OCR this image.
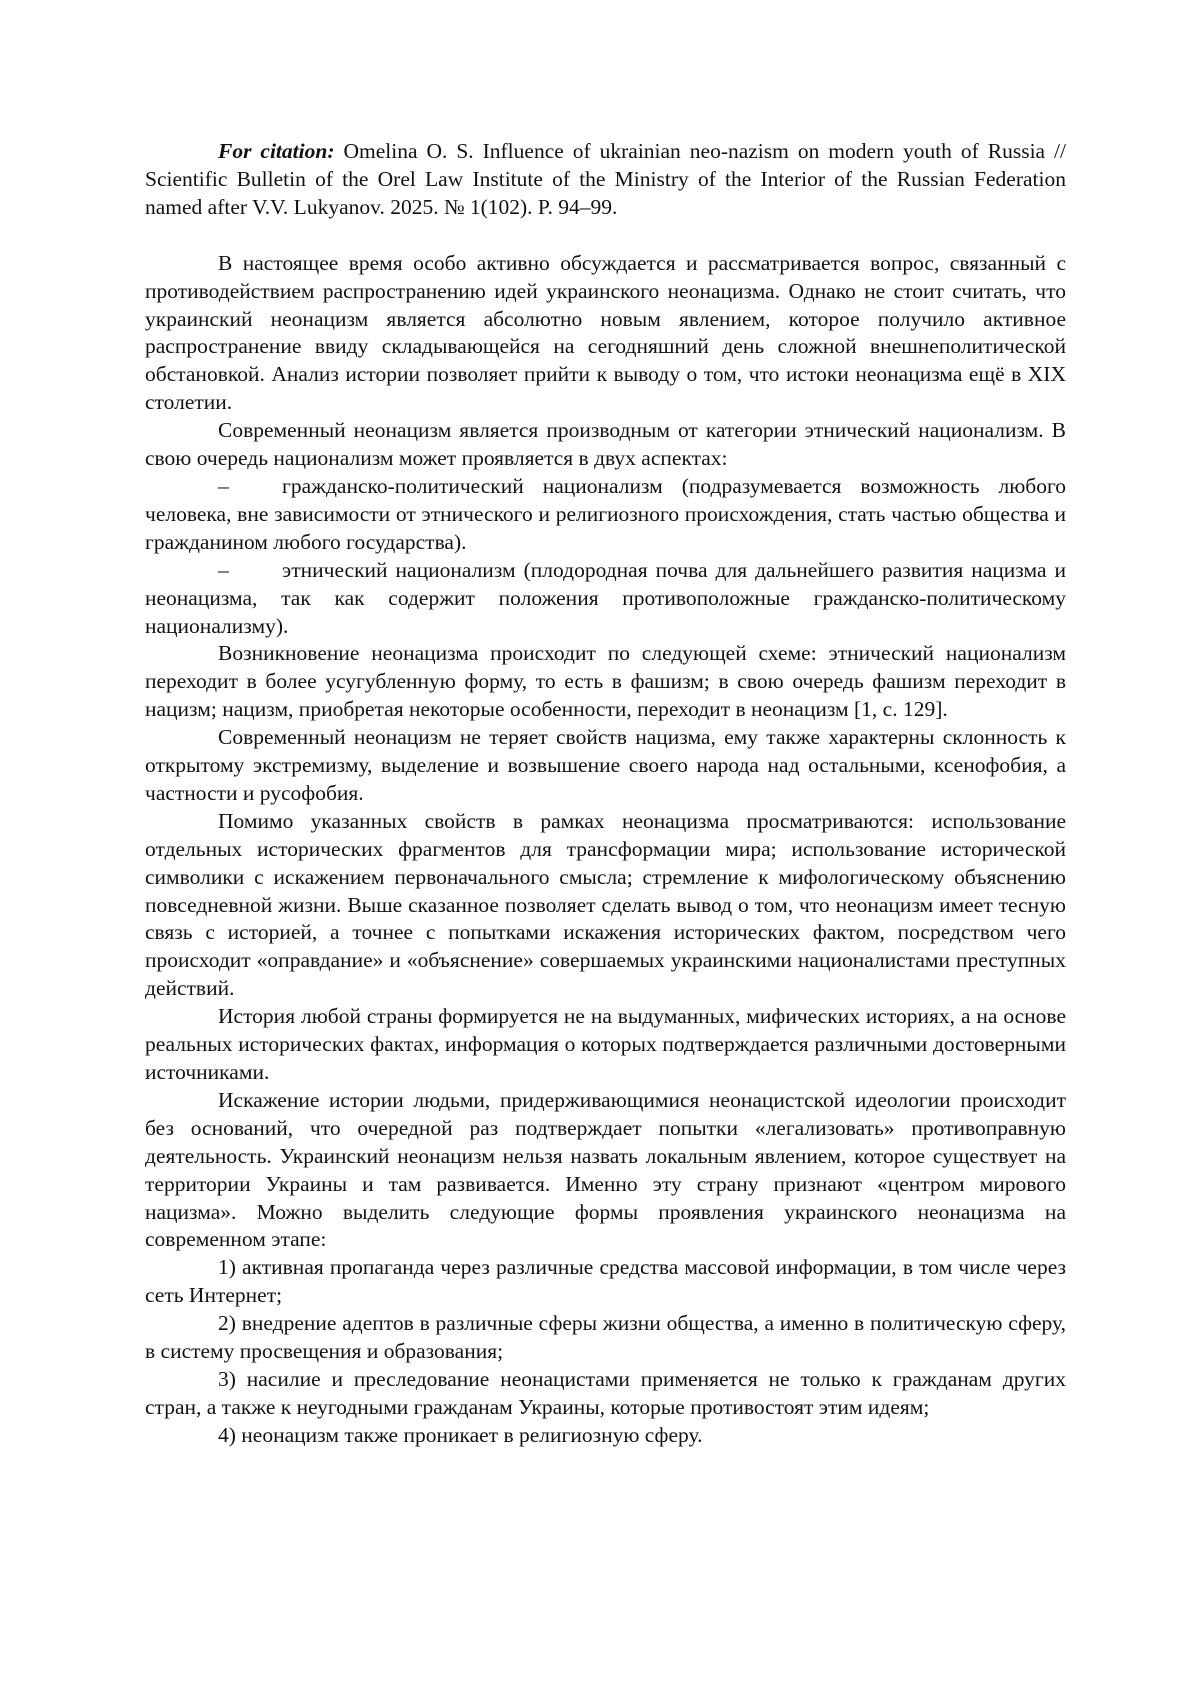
For citation: Omelina O. S. Influence of ukrainian neo-nazism on modern youth of Russia // Scientific Bulletin of the Orel Law Institute of the Ministry of the Interior of the Russian Federation named after V.V. Lukyanov. 2025. № 1(102). P. 94–99.

В настоящее время особо активно обсуждается и рассматривается вопрос, связанный с противодействием распространению идей украинского неонацизма. Однако не стоит считать, что украинский неонацизм является абсолютно новым явлением, которое получило активное распространение ввиду складывающейся на сегодняшний день сложной внешнеполитической обстановкой. Анализ истории позволяет прийти к выводу о том, что истоки неонацизма ещё в XIX столетии.

Современный неонацизм является производным от категории этнический национализм. В свою очередь национализм может проявляется в двух аспектах:

– гражданско-политический национализм (подразумевается возможность любого человека, вне зависимости от этнического и религиозного происхождения, стать частью общества и гражданином любого государства).

– этнический национализм (плодородная почва для дальнейшего развития нацизма и неонацизма, так как содержит положения противоположные гражданско-политическому национализму).

Возникновение неонацизма происходит по следующей схеме: этнический национализм переходит в более усугубленную форму, то есть в фашизм; в свою очередь фашизм переходит в нацизм; нацизм, приобретая некоторые особенности, переходит в неонацизм [1, с. 129].

Современный неонацизм не теряет свойств нацизма, ему также характерны склонность к открытому экстремизму, выделение и возвышение своего народа над остальными, ксенофобия, а частности и русофобия.

Помимо указанных свойств в рамках неонацизма просматриваются: использование отдельных исторических фрагментов для трансформации мира; использование исторической символики с искажением первоначального смысла; стремление к мифологическому объяснению повседневной жизни. Выше сказанное позволяет сделать вывод о том, что неонацизм имеет тесную связь с историей, а точнее с попытками искажения исторических фактом, посредством чего происходит «оправдание» и «объяснение» совершаемых украинскими националистами преступных действий.

История любой страны формируется не на выдуманных, мифических историях, а на основе реальных исторических фактах, информация о которых подтверждается различными достоверными источниками.

Искажение истории людьми, придерживающимися неонацистской идеологии происходит без оснований, что очередной раз подтверждает попытки «легализовать» противоправную деятельность. Украинский неонацизм нельзя назвать локальным явлением, которое существует на территории Украины и там развивается. Именно эту страну признают «центром мирового нацизма». Можно выделить следующие формы проявления украинского неонацизма на современном этапе:

1) активная пропаганда через различные средства массовой информации, в том числе через сеть Интернет;

2) внедрение адептов в различные сферы жизни общества, а именно в политическую сферу, в систему просвещения и образования;

3) насилие и преследование неонацистами применяется не только к гражданам других стран, а также к неугодными гражданам Украины, которые противостоят этим идеям;

4) неонацизм также проникает в религиозную сферу.
